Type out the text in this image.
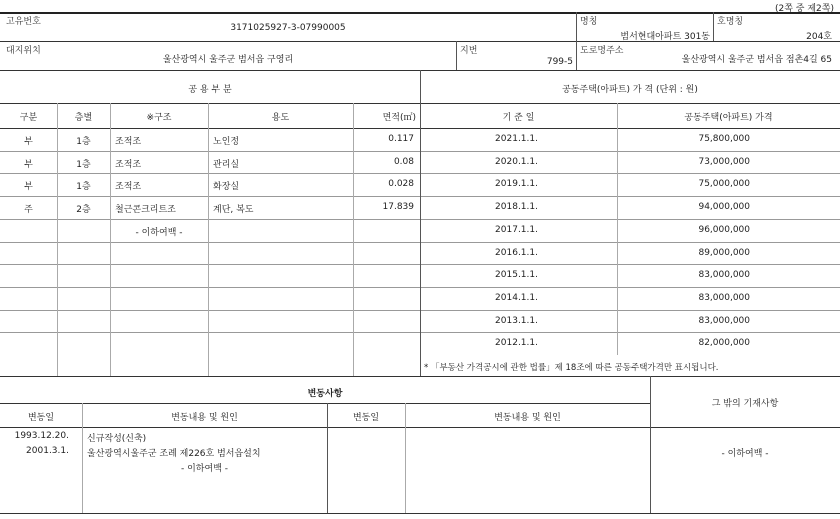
(2쪽 중 제2쪽)
고유번호
3171025927-3-07990005
명칭
범서현대아파트 301동
호명칭
204호
대지위치
울산광역시 울주군 범서읍 구영리
지번
799-5
도로명주소
울산광역시 울주군 범서읍 점촌4길 65
공 용 부 분	공동주택(아파트) 가 격 (단위 : 원)
구분	층별	※구조	용도	면적(㎡)	기 준 일	공동주택(아파트) 가격
부	1층	조적조	노인정	0.117
부	1층	조적조	관리실	0.08
부	1층	조적조	화장실	0.028
주	2층	철근콘크리트조	계단, 복도	17.839
- 이하여백 -
2021.1.1.	75,800,000
2020.1.1.	73,000,000
2019.1.1.	75,000,000
2018.1.1.	94,000,000
2017.1.1.	96,000,000
2016.1.1.	89,000,000
2015.1.1.	83,000,000
2014.1.1.	83,000,000
2013.1.1.	83,000,000
2012.1.1.	82,000,000
* 「부동산 가격공시에 관한 법률」제 18조에 따른 공동주택가격만 표시됩니다.
변동사항
변동일	변동내용 및 원인	변동일	변동내용 및 원인
1993.12.20. 신규작성(신축)
2001.3.1. 울산광역시울주군 조례 제226호 범서읍설치
- 이하여백 -
그 밖의 기재사항
- 이하여백 -
